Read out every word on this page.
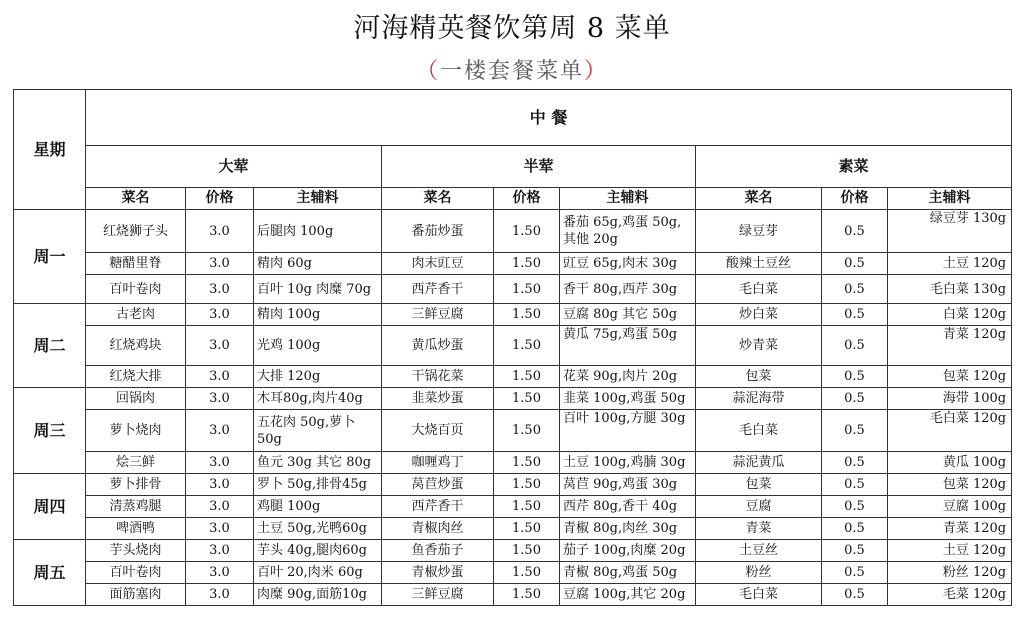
河海精英餐饮第周 8 菜单
（一楼套餐菜单）
星期	中 餐								
	大荤			半荤			素菜		
	菜名	价格	主辅料	菜名	价格	主辅料	菜名	价格	主辅料
周一	红烧狮子头	3.0	后腿肉 100g	番茄炒蛋	1.50	番茄 65g,鸡蛋 50g,其他 20g	绿豆芽	0.5	绿豆芽 130g
	糖醋里脊	3.0	精肉 60g	肉末豇豆	1.50	豇豆 65g,肉末 30g	酸辣土豆丝	0.5	土豆 120g
	百叶卷肉	3.0	百叶 10g 肉糜 70g	西芹香干	1.50	香干 80g,西芹 30g	毛白菜	0.5	毛白菜 130g
周二	古老肉	3.0	精肉 100g	三鲜豆腐	1.50	豆腐 80g 其它 50g	炒白菜	0.5	白菜 120g
	红烧鸡块	3.0	光鸡 100g	黄瓜炒蛋	1.50	黄瓜 75g,鸡蛋 50g	炒青菜	0.5	青菜 120g
	红烧大排	3.0	大排 120g	干锅花菜	1.50	花菜 90g,肉片 20g	包菜	0.5	包菜 120g
周三	回锅肉	3.0	木耳80g,肉片40g	韭菜炒蛋	1.50	韭菜 100g,鸡蛋 50g	蒜泥海带	0.5	海带 100g
	萝卜烧肉	3.0	五花肉 50g,萝卜 50g	大烧百页	1.50	百叶 100g,方腿 30g	毛白菜	0.5	毛白菜 120g
	烩三鲜	3.0	鱼元 30g 其它 80g	咖喱鸡丁	1.50	土豆 100g,鸡腩 30g	蒜泥黄瓜	0.5	黄瓜 100g
周四	萝卜排骨	3.0	罗卜 50g,排骨45g	莴苣炒蛋	1.50	莴苣 90g,鸡蛋 30g	包菜	0.5	包菜 120g
	清蒸鸡腿	3.0	鸡腿 100g	西芹香干	1.50	西芹 80g,香干 40g	豆腐	0.5	豆腐 100g
	啤酒鸭	3.0	土豆 50g,光鸭60g	青椒肉丝	1.50	青椒 80g,肉丝 30g	青菜	0.5	青菜 120g
周五	芋头烧肉	3.0	芋头 40g,腿肉60g	鱼香茄子	1.50	茄子 100g,肉糜 20g	土豆丝	0.5	土豆 120g
	百叶卷肉	3.0	百叶 20,肉米 60g	青椒炒蛋	1.50	青椒 80g,鸡蛋 50g	粉丝	0.5	粉丝 120g
	面筋塞肉	3.0	肉糜 90g,面筋10g	三鲜豆腐	1.50	豆腐 100g,其它 20g	毛白菜	0.5	毛菜 120g
